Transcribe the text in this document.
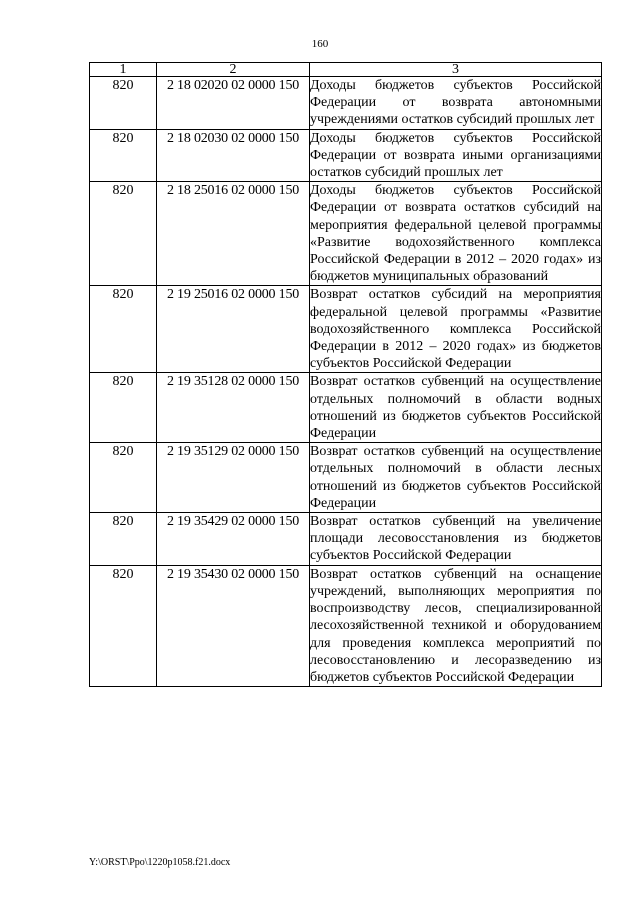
160
1	2	3
820	2 18 02020 02 0000 150	Доходы бюджетов субъектов Российской Федерации от возврата автономными учреждениями остатков субсидий прошлых лет
820	2 18 02030 02 0000 150	Доходы бюджетов субъектов Российской Федерации от возврата иными организациями остатков субсидий прошлых лет
820	2 18 25016 02 0000 150	Доходы бюджетов субъектов Российской Федерации от возврата остатков субсидий на мероприятия федеральной целевой программы «Развитие водохозяйственного комплекса Российской Федерации в 2012 – 2020 годах» из бюджетов муниципальных образований
820	2 19 25016 02 0000 150	Возврат остатков субсидий на мероприятия федеральной целевой программы «Развитие водохозяйственного комплекса Российской Федерации в 2012 – 2020 годах» из бюджетов субъектов Российской Федерации
820	2 19 35128 02 0000 150	Возврат остатков субвенций на осуществление отдельных полномочий в области водных отношений из бюджетов субъектов Российской Федерации
820	2 19 35129 02 0000 150	Возврат остатков субвенций на осуществление отдельных полномочий в области лесных отношений из бюджетов субъектов Российской Федерации
820	2 19 35429 02 0000 150	Возврат остатков субвенций на увеличение площади лесовосстановления из бюджетов субъектов Российской Федерации
820	2 19 35430 02 0000 150	Возврат остатков субвенций на оснащение учреждений, выполняющих мероприятия по воспроизводству лесов, специализированной лесохозяйственной техникой и оборудованием для проведения комплекса мероприятий по лесовосстановлению и лесоразведению из бюджетов субъектов Российской Федерации
Y:\ORST\Ppo\1220p1058.f21.docx
